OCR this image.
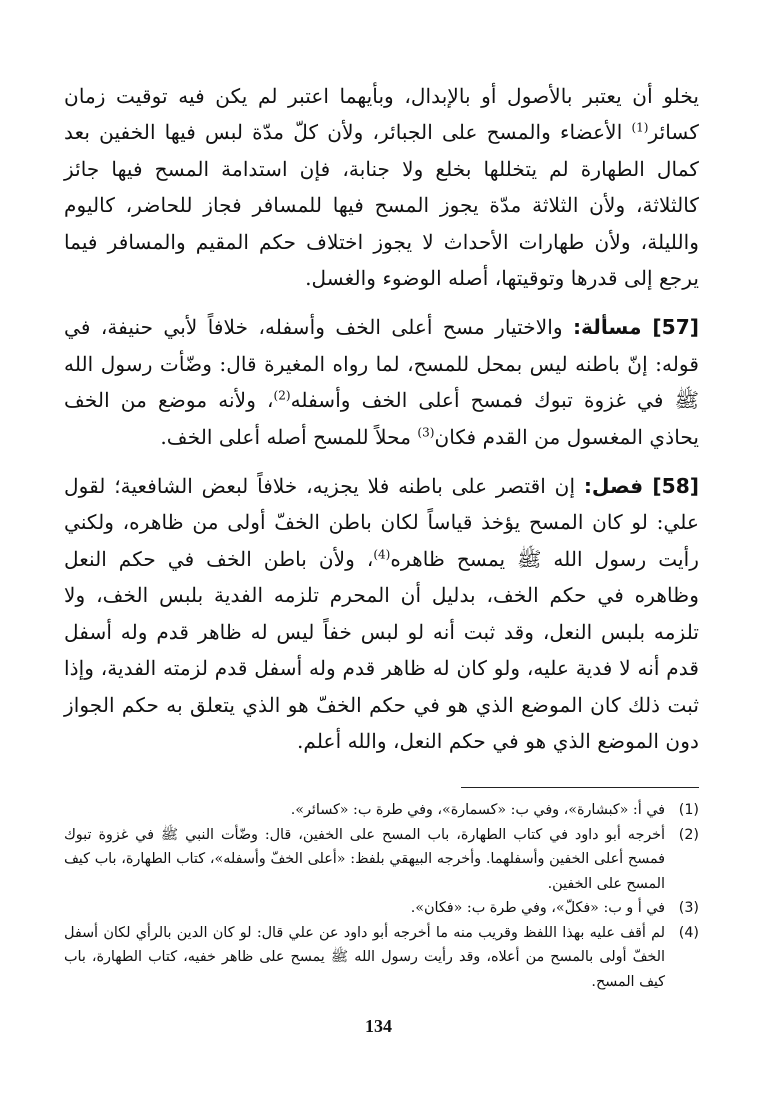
يخلو أن يعتبر بالأصول أو بالإبدال، وبأيهما اعتبر لم يكن فيه توقيت زمان كسائر$^{(1)}$ الأعضاء والمسح على الجبائر، ولأن كلّ مدّة لبس فيها الخفين بعد كمال الطهارة لم يتخللها بخلع ولا جنابة، فإن استدامة المسح فيها جائز كالثلاثة، ولأن الثلاثة مدّة يجوز المسح فيها للمسافر فجاز للحاضر، كاليوم والليلة، ولأن طهارات الأحداث لا يجوز اختلاف حكم المقيم والمسافر فيما يرجع إلى قدرها وتوقيتها، أصله الوضوء والغسل.

[57] مسألة: والاختيار مسح أعلى الخف وأسفله، خلافاً لأبي حنيفة، في قوله: إنّ باطنه ليس بمحل للمسح، لما رواه المغيرة قال: وضّأت رسول الله ﷺ في غزوة تبوك فمسح أعلى الخف وأسفله$^{(2)}$، ولأنه موضع من الخف يحاذي المغسول من القدم فكان$^{(3)}$ محلاً للمسح أصله أعلى الخف.

[58] فصل: إن اقتصر على باطنه فلا يجزيه، خلافاً لبعض الشافعية؛ لقول علي: لو كان المسح يؤخذ قياساً لكان باطن الخفّ أولى من ظاهره، ولكني رأيت رسول الله ﷺ يمسح ظاهره$^{(4)}$، ولأن باطن الخف في حكم النعل وظاهره في حكم الخف، بدليل أن المحرم تلزمه الفدية بلبس الخف، ولا تلزمه بلبس النعل، وقد ثبت أنه لو لبس خفاً ليس له ظاهر قدم وله أسفل قدم أنه لا فدية عليه، ولو كان له ظاهر قدم وله أسفل قدم لزمته الفدية، وإذا ثبت ذلك كان الموضع الذي هو في حكم الخفّ هو الذي يتعلق به حكم الجواز دون الموضع الذي هو في حكم النعل، والله أعلم.

(1)
في أ: «كبشارة»، وفي ب: «كسمارة»، وفي طرة ب: «كسائر».
(2)
أخرجه أبو داود في كتاب الطهارة، باب المسح على الخفين، قال: وضّأت النبي ﷺ في غزوة تبوك فمسح أعلى الخفين وأسفلهما. وأخرجه البيهقي بلفظ: «أعلى الخفّ وأسفله»، كتاب الطهارة، باب كيف المسح على الخفين.
(3)
في أ و ب: «فكلّ»، وفي طرة ب: «فكان».
(4)
لم أقف عليه بهذا اللفظ وقريب منه ما أخرجه أبو داود عن علي قال: لو كان الدين بالرأي لكان أسفل الخفّ أولى بالمسح من أعلاه، وقد رأيت رسول الله ﷺ يمسح على ظاهر خفيه، كتاب الطهارة، باب كيف المسح.
134
